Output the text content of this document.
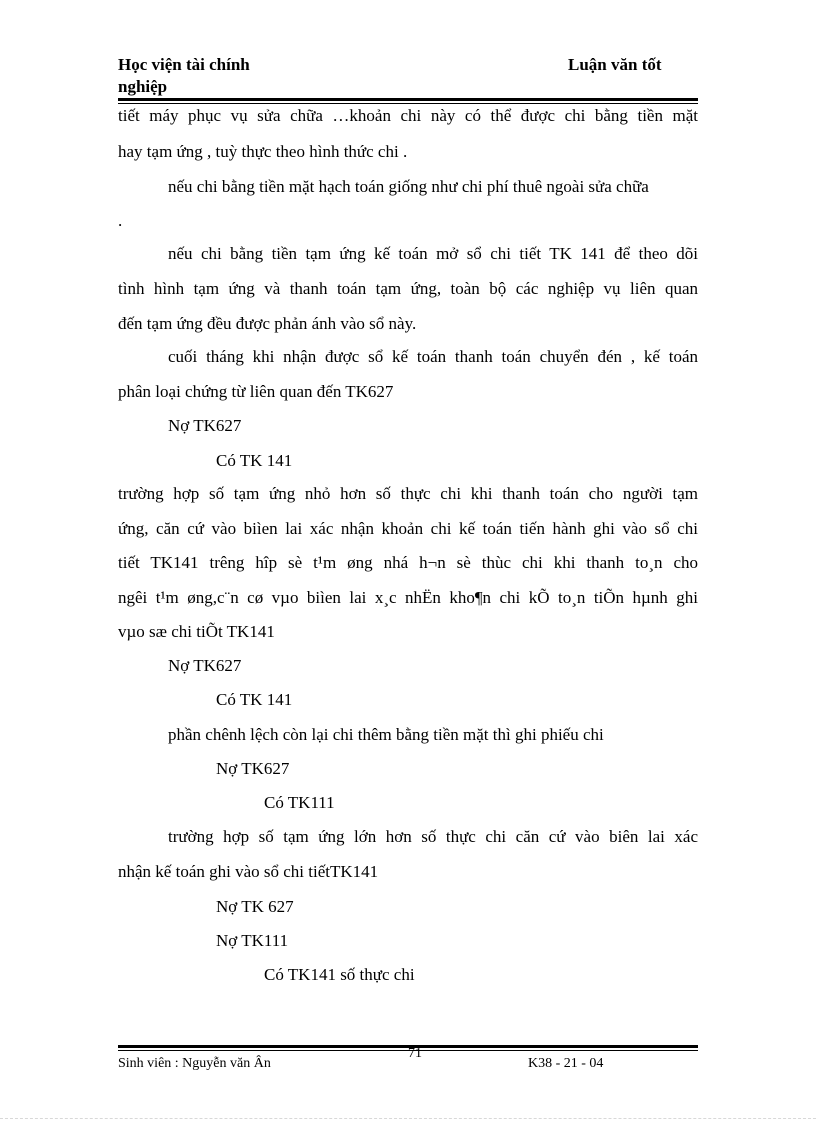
Học viện tài chính
nghiệp
Luận văn tốt
tiết máy phục vụ sửa chữa …khoản chi này có thể được chi bằng tiền mặt
hay tạm ứng , tuỳ thực theo hình thức chi .
nếu chi bằng tiền mặt hạch toán giống như chi phí thuê ngoài sửa chữa
.
nếu chi bằng tiền tạm ứng kế toán mở sổ chi tiết TK 141 để theo dõi
tình hình tạm ứng và thanh toán tạm ứng, toàn bộ các nghiệp vụ liên quan
đến tạm ứng đều được phản ánh vào sổ này.
cuối tháng khi nhận được sổ kế toán thanh toán chuyển đén , kế toán
phân loại chứng từ liên quan đến TK627
Nợ TK627
Có TK 141
trường hợp số tạm ứng nhỏ hơn số thực chi khi thanh toán cho người tạm
ứng, căn cứ vào biìen lai xác nhận khoản chi kế toán tiến hành ghi vào sổ chi
tiết TK141 trêng hîp sè t¹m øng nhá h¬n sè thùc chi khi thanh to¸n cho
ngêi t¹m øng,c¨n cø vµo biìen lai x¸c nhËn kho¶n chi kÕ to¸n tiÕn hµnh ghi
vµo sæ chi tiÕt TK141
Nợ TK627
Có TK 141
phần chênh lệch còn lại chi thêm bằng tiền mặt thì ghi phiếu chi
Nợ TK627
Có TK111
trường hợp số tạm ứng lớn hơn số thực chi căn cứ vào biên lai xác
nhận kế toán ghi vào sổ chi tiếtTK141
Nợ TK 627
Nợ TK111
Có TK141 số thực chi
Sinh viên : Nguyễn văn Ân
71
K38 - 21 - 04
